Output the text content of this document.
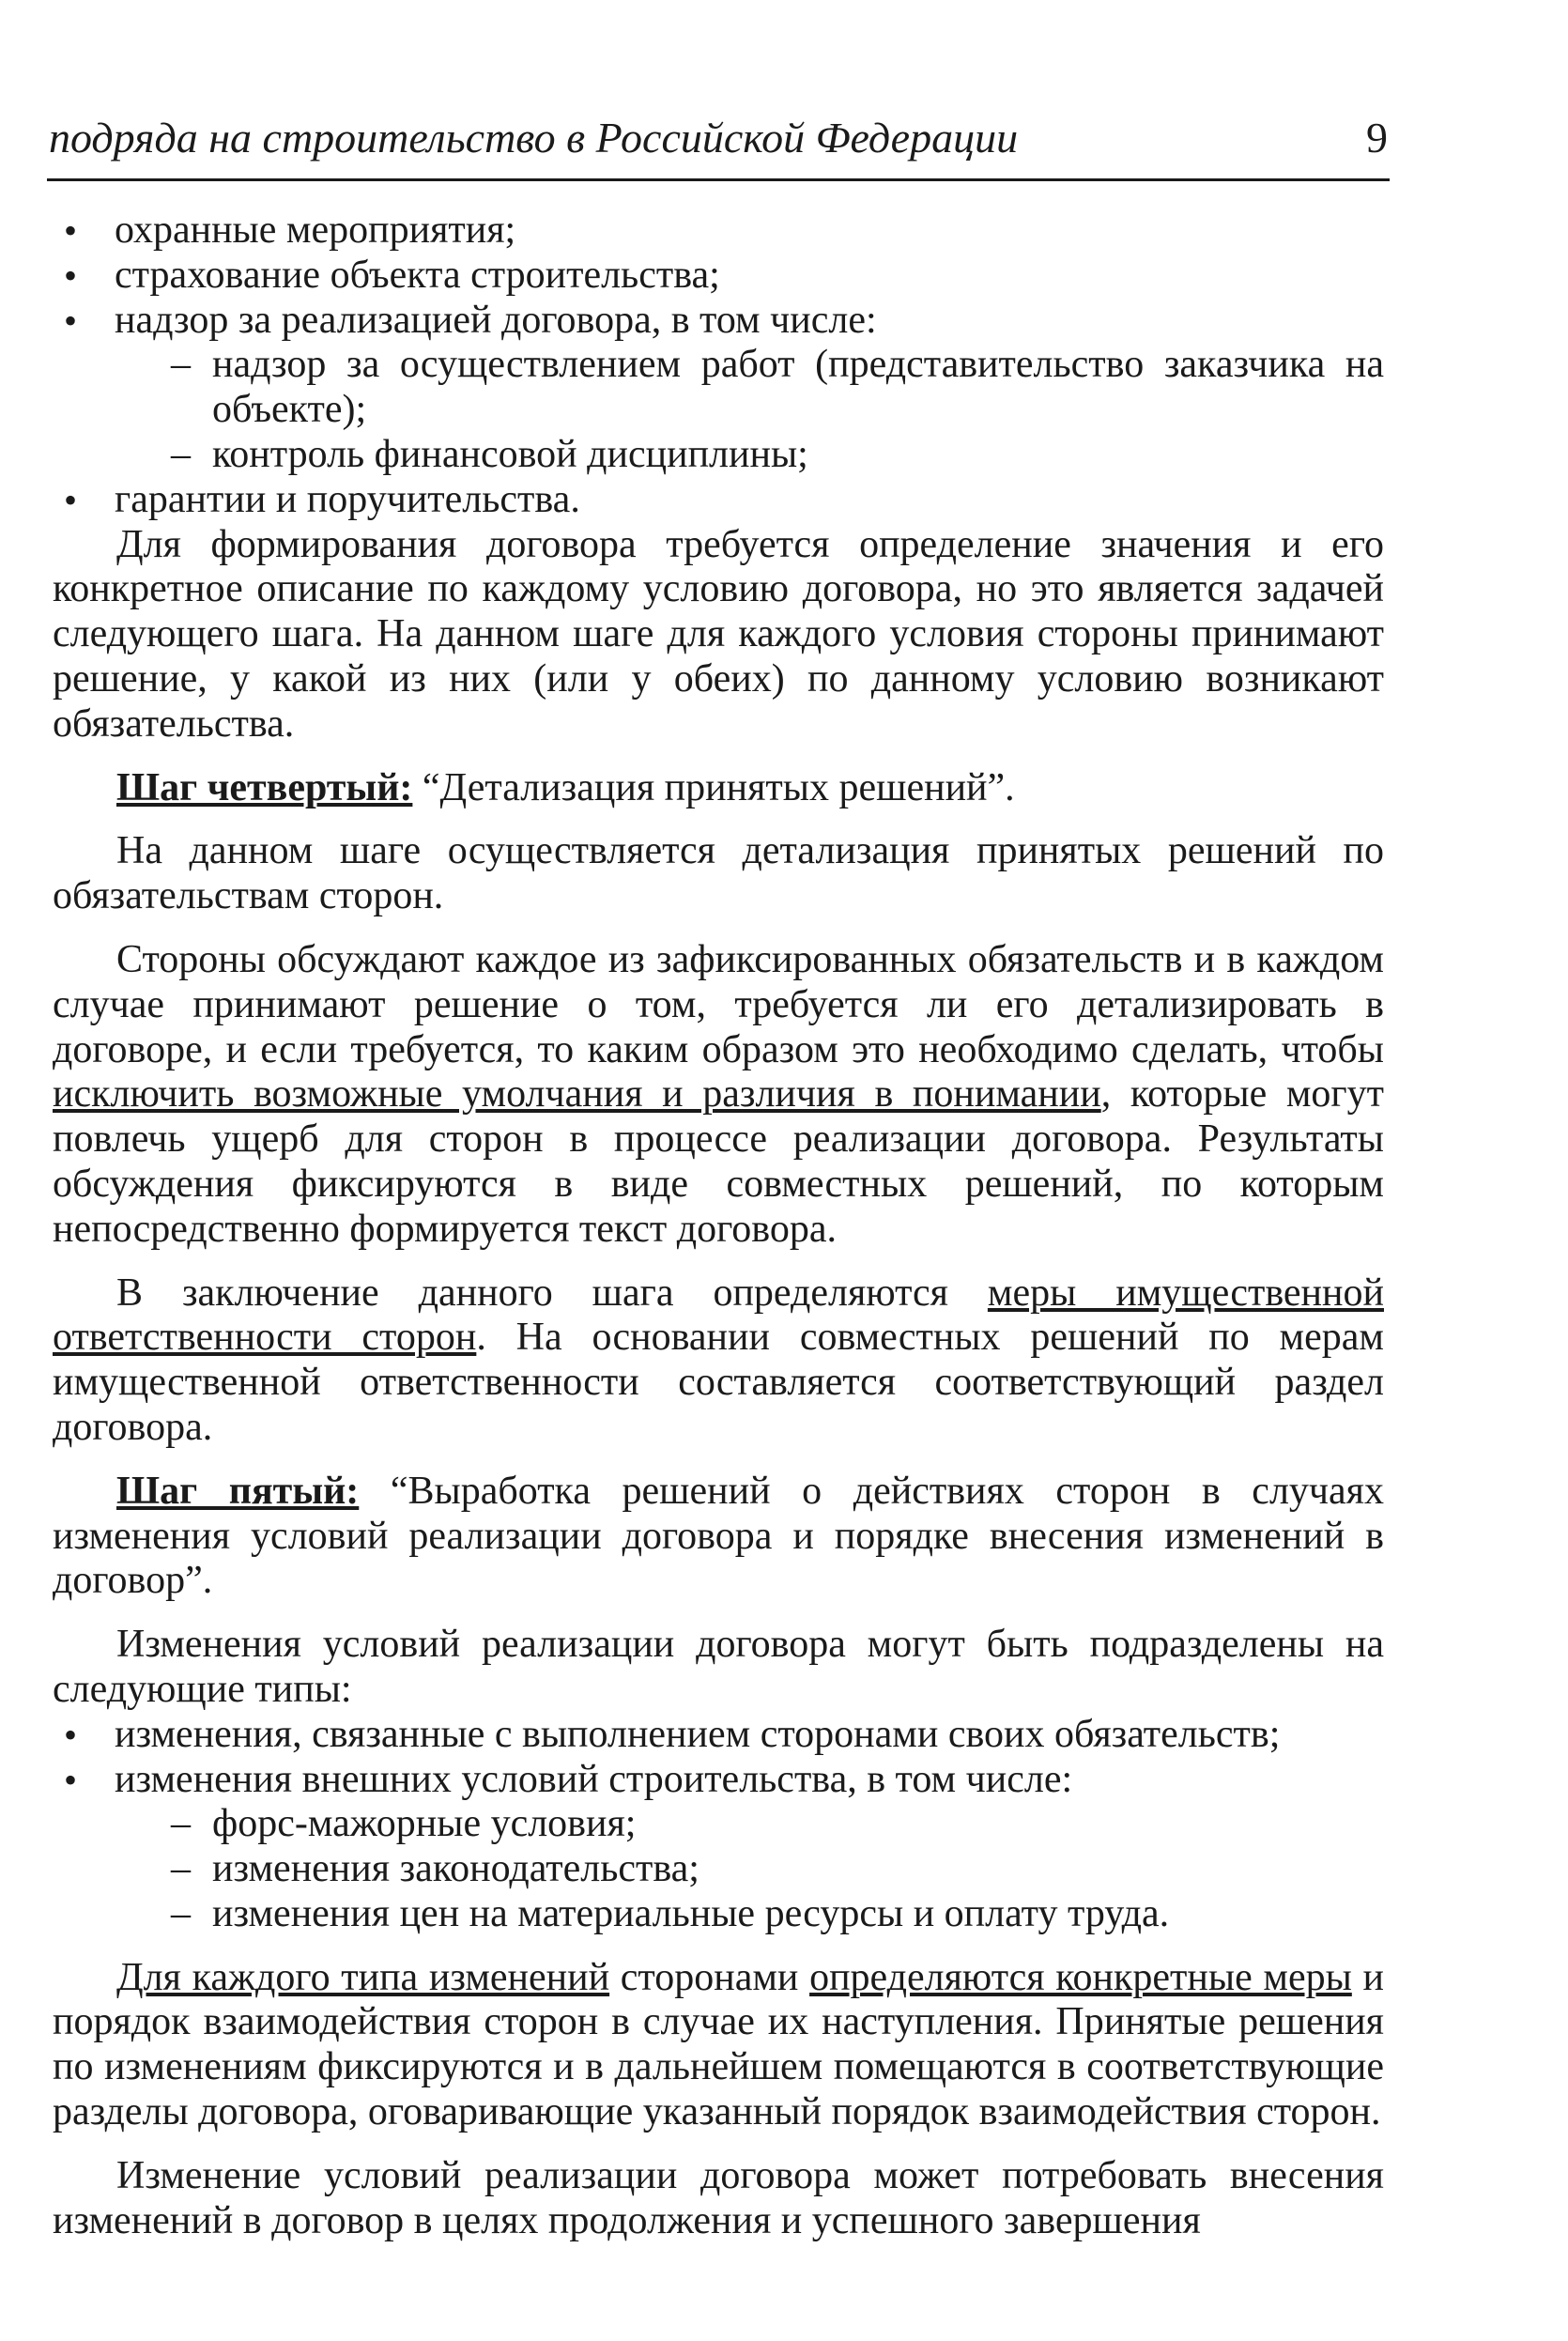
подряда на строительство в Российской Федерации	9
• охранные мероприятия;
• страхование объекта строительства;
• надзор за реализацией договора, в том числе:
– надзор за осуществлением работ (представительство заказчика на объекте);
– контроль финансовой дисциплины;
• гарантии и поручительства.

Для формирования договора требуется определение значения и его конкретное описание по каждому условию договора, но это является задачей следующего шага. На данном шаге для каждого условия стороны принимают решение, у какой из них (или у обеих) по данному условию возникают обязательства.

Шаг четвертый: “Детализация принятых решений”.

На данном шаге осуществляется детализация принятых решений по обязательствам сторон.

Стороны обсуждают каждое из зафиксированных обязательств и в каждом случае принимают решение о том, требуется ли его детализировать в договоре, и если требуется, то каким образом это необходимо сделать, чтобы исключить возможные умолчания и различия в понимании, которые могут повлечь ущерб для сторон в процессе реализации договора. Результаты обсуждения фиксируются в виде совместных решений, по которым непосредственно формируется текст договора.

В заключение данного шага определяются меры имущественной ответственности сторон. На основании совместных решений по мерам имущественной ответственности составляется соответствующий раздел договора.

Шаг пятый: “Выработка решений о действиях сторон в случаях изменения условий реализации договора и порядке внесения изменений в договор”.

Изменения условий реализации договора могут быть подразделены на следующие типы:

• изменения, связанные с выполнением сторонами своих обязательств;
• изменения внешних условий строительства, в том числе:
– форс-мажорные условия;
– изменения законодательства;
– изменения цен на материальные ресурсы и оплату труда.

Для каждого типа изменений сторонами определяются конкретные меры и порядок взаимодействия сторон в случае их наступления. Принятые решения по изменениям фиксируются и в дальнейшем помещаются в соответствующие разделы договора, оговаривающие указанный порядок взаимодействия сторон.

Изменение условий реализации договора может потребовать внесения изменений в договор в целях продолжения и успешного завершения
